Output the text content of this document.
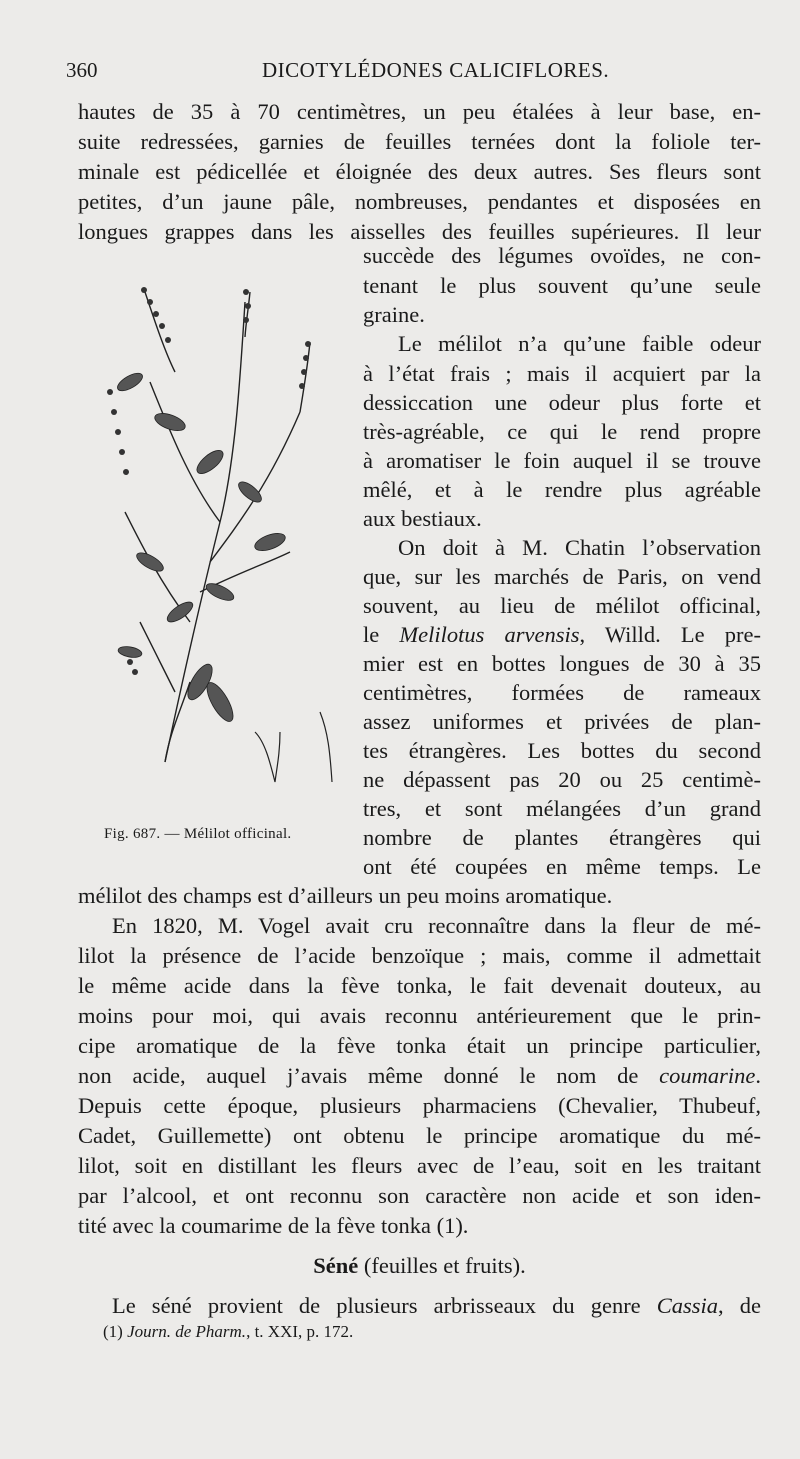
360	DICOTYLÉDONES CALICIFLORES.
Fig. 687. — Mélilot officinal.
hautes de 35 à 70 centimètres, un peu étalées à leur base, en-
suite redressées, garnies de feuilles ternées dont la foliole ter-
minale est pédicellée et éloignée des deux autres. Ses fleurs sont
petites, d’un jaune pâle, nombreuses, pendantes et disposées en
longues grappes dans les aisselles des feuilles supérieures. Il leur
succède des légumes ovoïdes, ne con-
tenant le plus souvent qu’une seule
graine.
Le mélilot n’a qu’une faible odeur
à l’état frais ; mais il acquiert par la
dessiccation une odeur plus forte et
très-agréable, ce qui le rend propre
à aromatiser le foin auquel il se trouve
mêlé, et à le rendre plus agréable
aux bestiaux.
On doit à M. Chatin l’observation
que, sur les marchés de Paris, on vend
souvent, au lieu de mélilot officinal,
le Melilotus arvensis, Willd. Le pre-
mier est en bottes longues de 30 à 35
centimètres, formées de rameaux
assez uniformes et privées de plan-
tes étrangères. Les bottes du second
ne dépassent pas 20 ou 25 centimè-
tres, et sont mélangées d’un grand
nombre de plantes étrangères qui
ont été coupées en même temps. Le
mélilot des champs est d’ailleurs un peu moins aromatique.
En 1820, M. Vogel avait cru reconnaître dans la fleur de mé-
lilot la présence de l’acide benzoïque ; mais, comme il admettait
le même acide dans la fève tonka, le fait devenait douteux, au
moins pour moi, qui avais reconnu antérieurement que le prin-
cipe aromatique de la fève tonka était un principe particulier,
non acide, auquel j’avais même donné le nom de coumarine.
Depuis cette époque, plusieurs pharmaciens (Chevalier, Thubeuf,
Cadet, Guillemette) ont obtenu le principe aromatique du mé-
lilot, soit en distillant les fleurs avec de l’eau, soit en les traitant
par l’alcool, et ont reconnu son caractère non acide et son iden-
tité avec la coumarime de la fève tonka (1).
Séné (feuilles et fruits).
Le séné provient de plusieurs arbrisseaux du genre Cassia, de
(1) Journ. de Pharm., t. XXI, p. 172.
